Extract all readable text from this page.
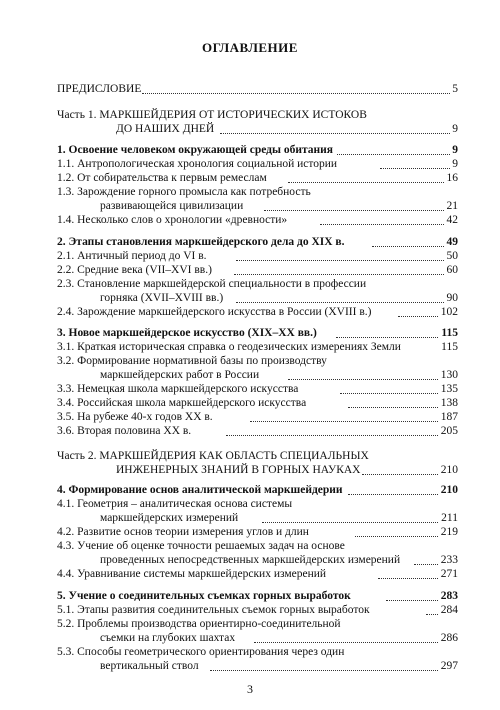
ОГЛАВЛЕНИЕ
ПРЕДИСЛОВИЕ	5
Часть 1. МАРКШЕЙДЕРИЯ ОТ ИСТОРИЧЕСКИХ ИСТОКОВ
ДО НАШИХ ДНЕЙ	9
1. Освоение человеком окружающей среды обитания	9
1.1. Антропологическая хронология социальной истории	9
1.2. От собирательства к первым ремеслам	16
1.3. Зарождение горного промысла как потребность
развивающейся цивилизации	21
1.4. Несколько слов о хронологии «древности»	42
2. Этапы становления маркшейдерского дела до XIX в.	49
2.1. Античный период до VI в.	50
2.2. Средние века (VII–XVI вв.)	60
2.3. Становление маркшейдерской специальности в профессии
горняка (XVII–XVIII вв.)	90
2.4. Зарождение маркшейдерского искусства в России (XVIII в.)	102
3. Новое маркшейдерское искусство (XIX–XX вв.)	115
3.1. Краткая историческая справка о геодезических измерениях Земли	115
3.2. Формирование нормативной базы по производству
маркшейдерских работ в России	130
3.3. Немецкая школа маркшейдерского искусства	135
3.4. Российская школа маркшейдерского искусства	138
3.5. На рубеже 40-х годов XX в.	187
3.6. Вторая половина XX в.	205
Часть 2. МАРКШЕЙДЕРИЯ КАК ОБЛАСТЬ СПЕЦИАЛЬНЫХ
ИНЖЕНЕРНЫХ ЗНАНИЙ В ГОРНЫХ НАУКАХ	210
4. Формирование основ аналитической маркшейдерии	210
4.1. Геометрия – аналитическая основа системы
маркшейдерских измерений	211
4.2. Развитие основ теории измерения углов и длин	219
4.3. Учение об оценке точности решаемых задач на основе
проведенных непосредственных маркшейдерских измерений	233
4.4. Уравнивание системы маркшейдерских измерений	271
5. Учение о соединительных съемках горных выработок	283
5.1. Этапы развития соединительных съемок горных выработок	284
5.2. Проблемы производства ориентирно-соединительной
съемки на глубоких шахтах	286
5.3. Способы геометрического ориентирования через один
вертикальный ствол	297
3
